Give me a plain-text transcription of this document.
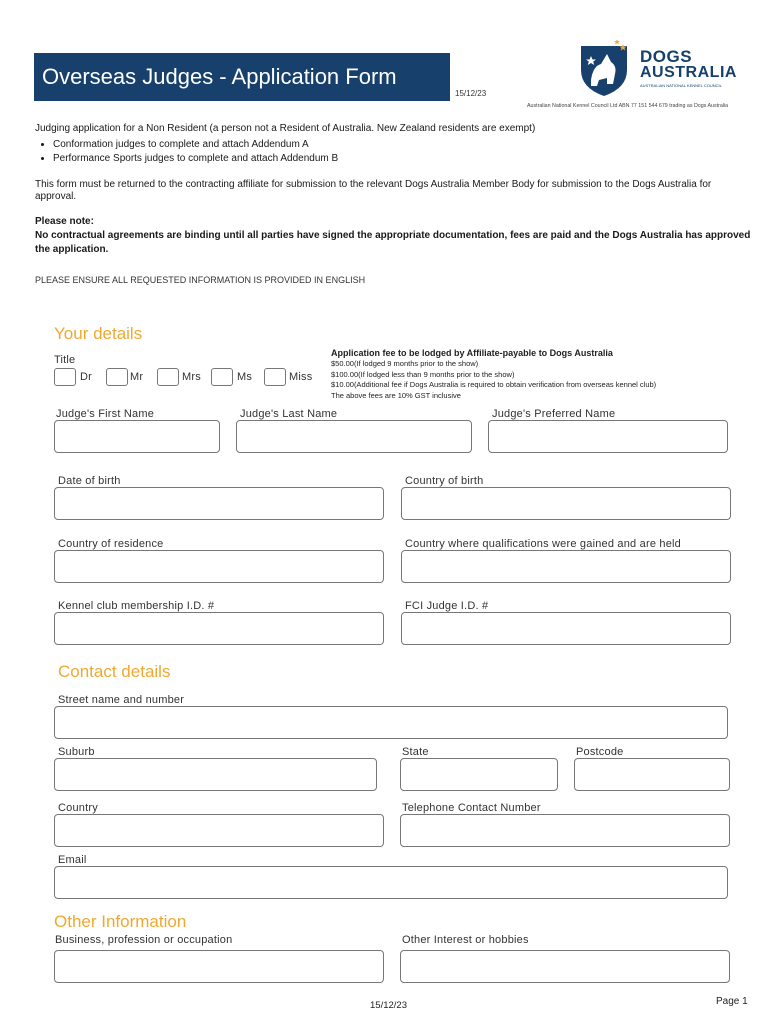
Overseas Judges - Application Form
15/12/23
DOGS
AUSTRALIA
AUSTRALIAN NATIONAL KENNEL COUNCIL
Australian National Kennel Council Ltd ABN 77 151 544 679 trading as Dogs Australia
Judging application for a Non Resident (a person not a Resident of Australia. New Zealand residents are exempt)
• Conformation judges to complete and attach Addendum A
• Performance Sports judges to complete and attach Addendum B
This form must be returned to the contracting affiliate for submission to the relevant Dogs Australia Member Body for submission to the Dogs Australia for approval.
Please note:
No contractual agreements are binding until all parties have signed the appropriate documentation, fees are paid and the Dogs Australia has approved the application.
PLEASE ENSURE ALL REQUESTED INFORMATION IS PROVIDED IN ENGLISH
Your details
Title
Dr	Mr	Mrs	Ms	Miss
Application fee to be lodged by Affiliate-payable to Dogs Australia
$50.00(If lodged 9 months prior to the show)
$100.00(If lodged less than 9 months prior to the show)
$10.00(Additional fee if Dogs Australia is required to obtain verification from overseas kennel club)
The above fees are 10% GST inclusive
Judge's First Name	Judge's Last Name	Judge's Preferred Name
Date of birth	Country of birth
Country of residence	Country where qualifications were gained and are held
Kennel club membership I.D. #	FCI Judge I.D. #
Contact details
Street name and number
Suburb	State	Postcode
Country	Telephone Contact Number
Email
Other Information
Business, profession or occupation	Other Interest or hobbies
15/12/23	Page 1
